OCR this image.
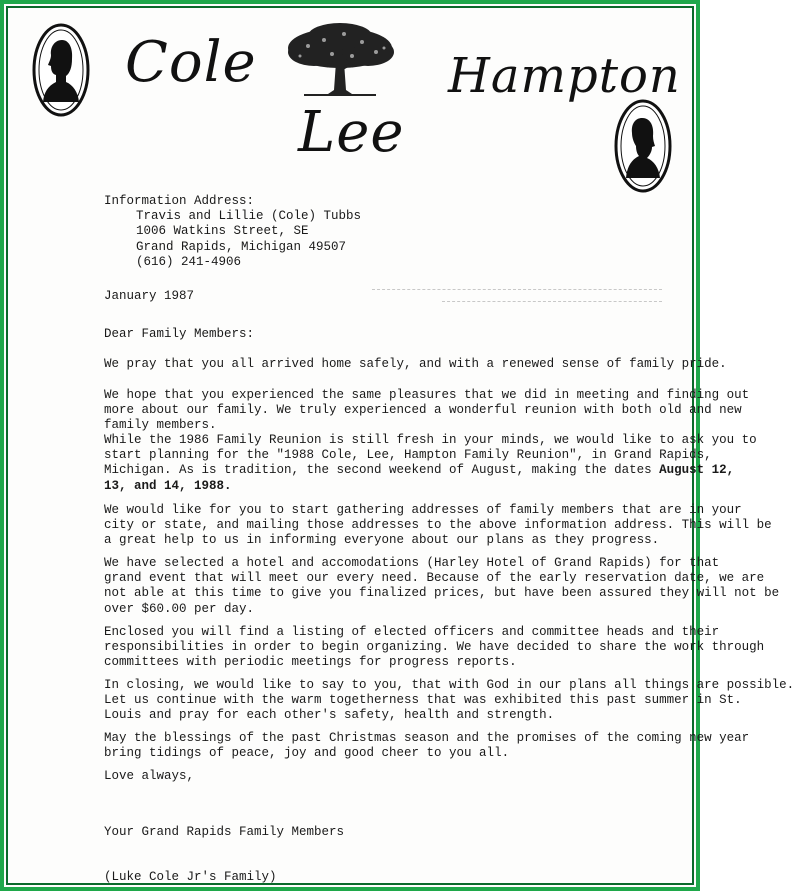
Cole	Hampton
Lee
Information Address:
Travis and Lillie (Cole) Tubbs
1006 Watkins Street, SE
Grand Rapids, Michigan 49507
(616) 241-4906
January 1987
Dear Family Members:
We pray that you all arrived home safely, and with a renewed sense of family pride.
We hope that you experienced the same pleasures that we did in meeting and finding out
more about our family. We truly experienced a wonderful reunion with both old and new
family members.
While the 1986 Family Reunion is still fresh in your minds, we would like to ask you to
start planning for the "1988 Cole, Lee, Hampton Family Reunion", in Grand Rapids,
Michigan. As is tradition, the second weekend of August, making the dates August 12,
13, and 14, 1988.
We would like for you to start gathering addresses of family members that are in your
city or state, and mailing those addresses to the above information address. This will be
a great help to us in informing everyone about our plans as they progress.
We have selected a hotel and accomodations (Harley Hotel of Grand Rapids) for that
grand event that will meet our every need. Because of the early reservation date, we are
not able at this time to give you finalized prices, but have been assured they will not be
over $60.00 per day.
Enclosed you will find a listing of elected officers and committee heads and their
responsibilities in order to begin organizing. We have decided to share the work through
committees with periodic meetings for progress reports.
In closing, we would like to say to you, that with God in our plans all things are possible.
Let us continue with the warm togetherness that was exhibited this past summer in St.
Louis and pray for each other's safety, health and strength.
May the blessings of the past Christmas season and the promises of the coming new year
bring tidings of peace, joy and good cheer to you all.
Love always,
Your Grand Rapids Family Members
(Luke Cole Jr's Family)
